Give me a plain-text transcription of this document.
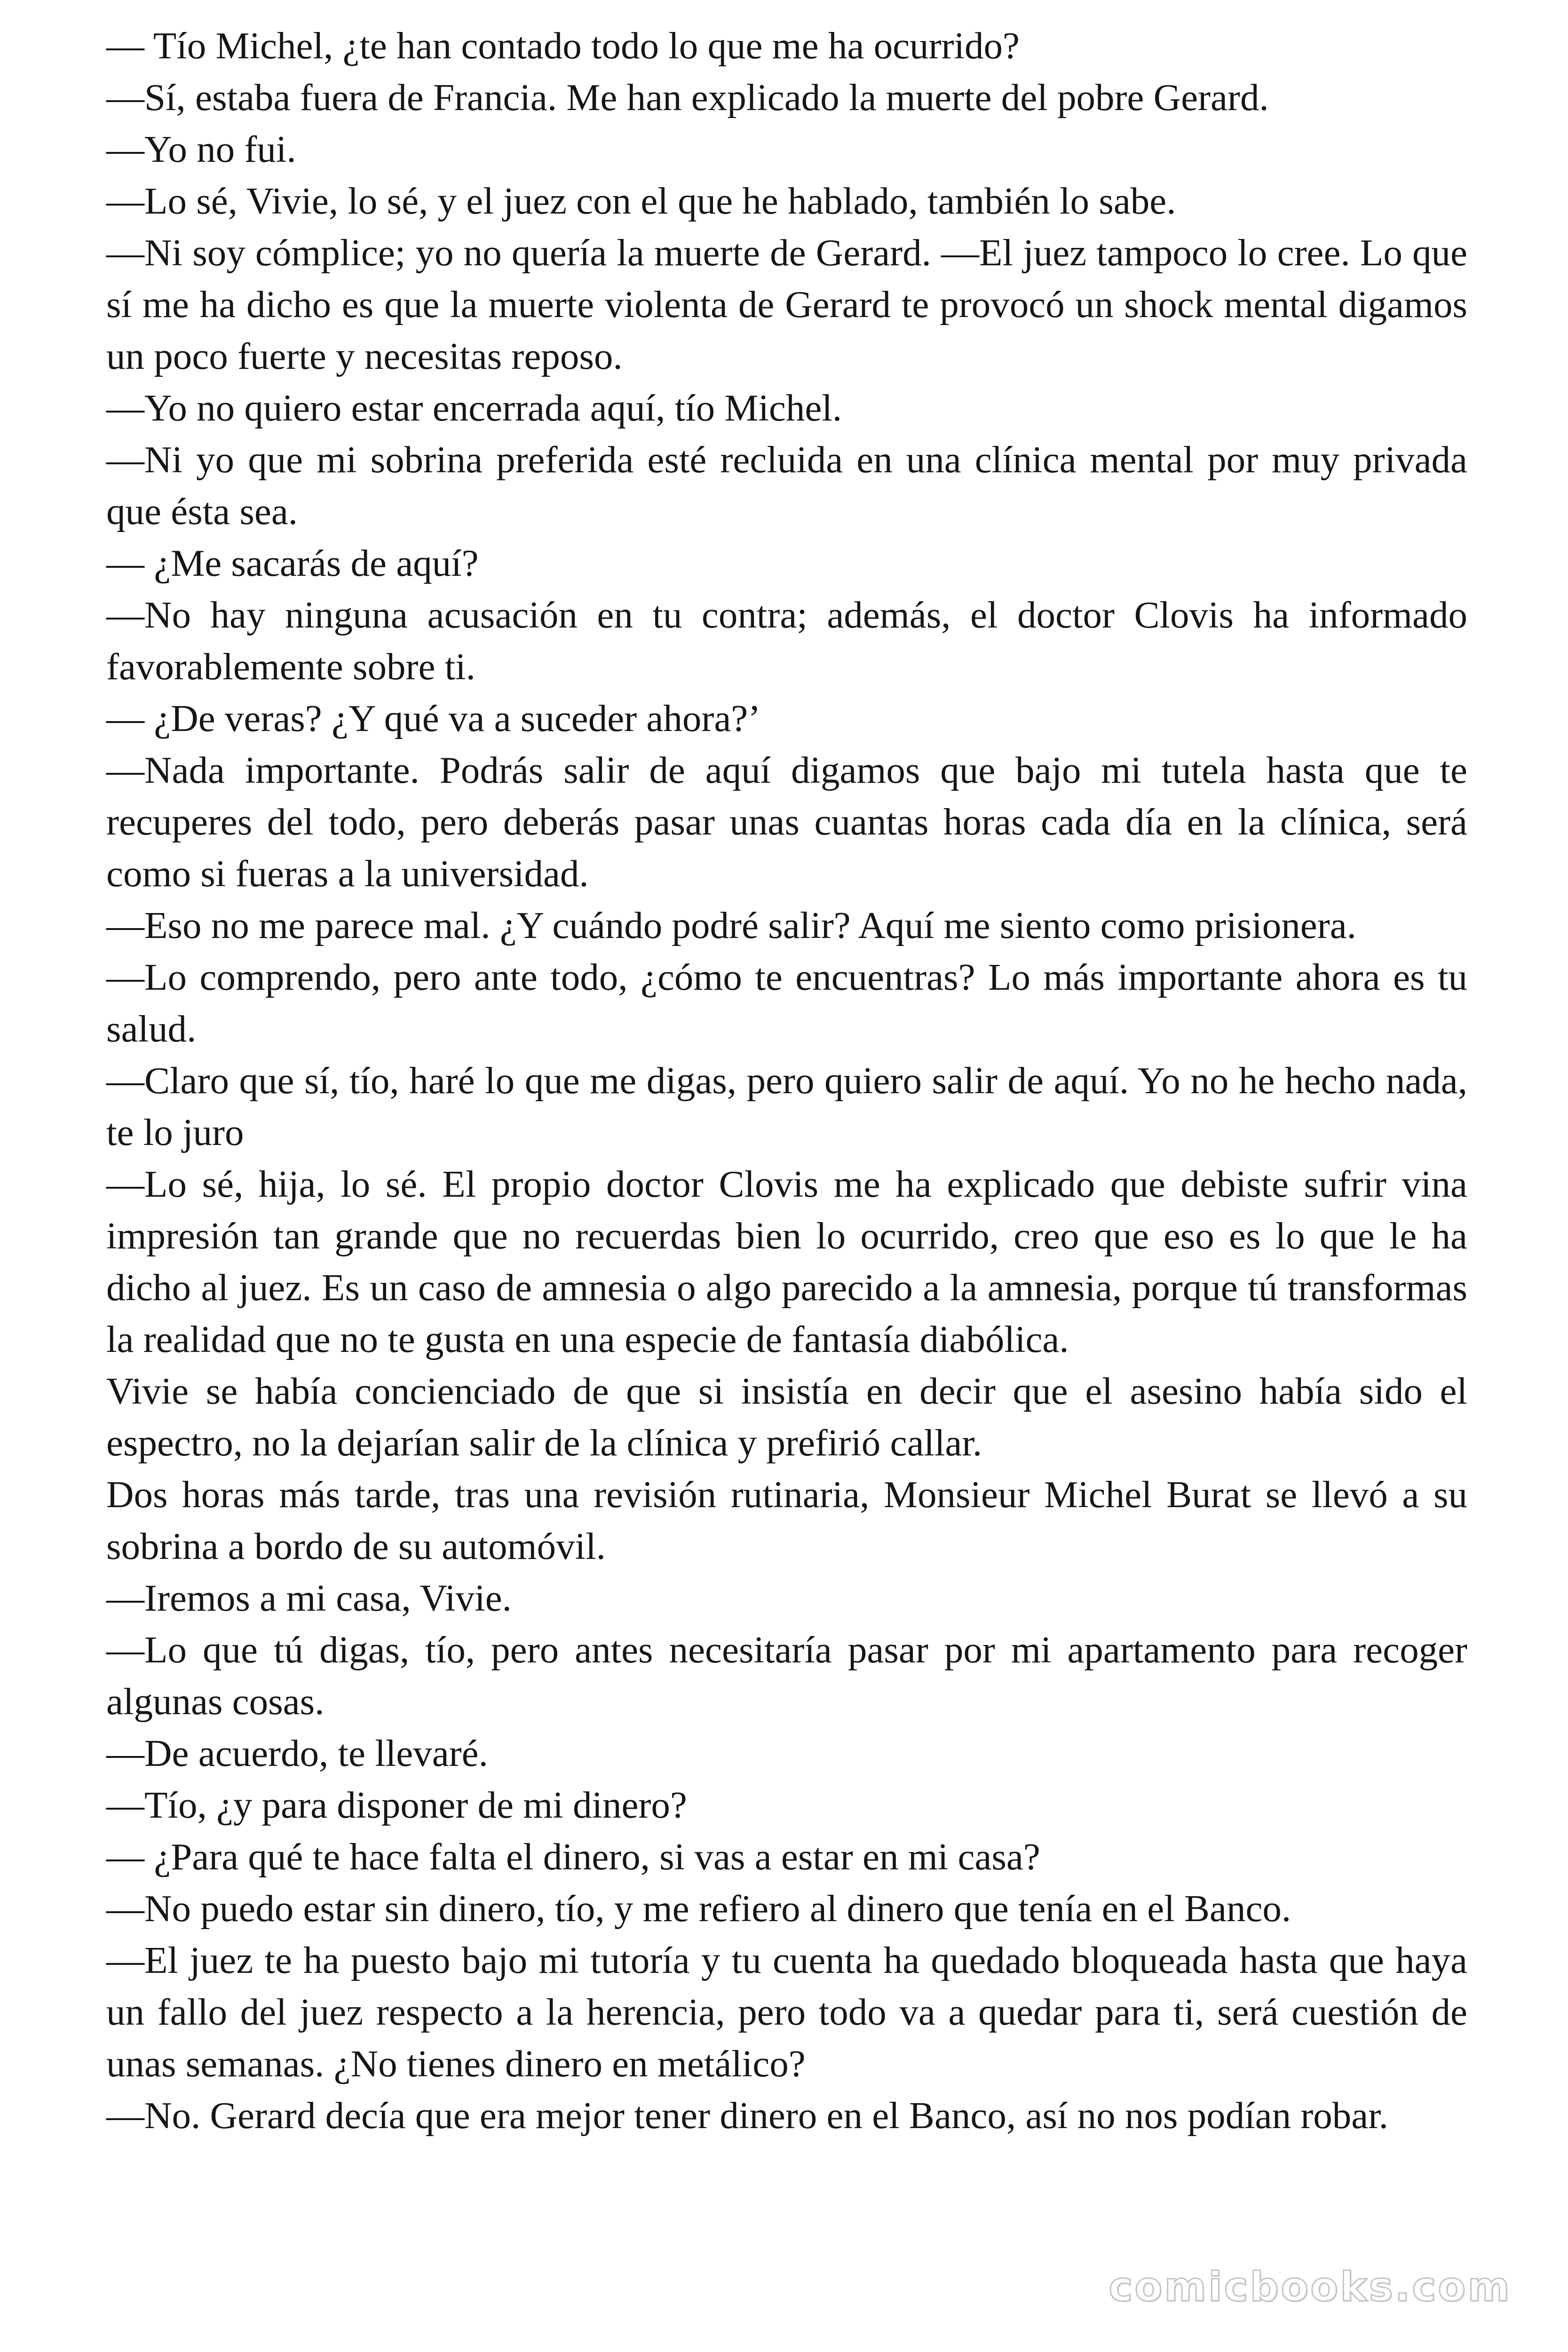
— Tío Michel, ¿te han contado todo lo que me ha ocurrido?

—Sí, estaba fuera de Francia. Me han explicado la muerte del pobre Gerard.

—Yo no fui.

—Lo sé, Vivie, lo sé, y el juez con el que he hablado, también lo sabe.

—Ni soy cómplice; yo no quería la muerte de Gerard. —El juez tampoco lo cree. Lo que sí me ha dicho es que la muerte violenta de Gerard te provocó un shock mental digamos un poco fuerte y necesitas reposo.

—Yo no quiero estar encerrada aquí, tío Michel.

—Ni yo que mi sobrina preferida esté recluida en una clínica mental por muy privada que ésta sea.

— ¿Me sacarás de aquí?

—No hay ninguna acusación en tu contra; además, el doctor Clovis ha informado favorablemente sobre ti.

— ¿De veras? ¿Y qué va a suceder ahora?’

—Nada importante. Podrás salir de aquí digamos que bajo mi tutela hasta que te recuperes del todo, pero deberás pasar unas cuantas horas cada día en la clínica, será como si fueras a la universidad.

—Eso no me parece mal. ¿Y cuándo podré salir? Aquí me siento como prisionera.

—Lo comprendo, pero ante todo, ¿cómo te encuentras? Lo más importante ahora es tu salud.

—Claro que sí, tío, haré lo que me digas, pero quiero salir de aquí. Yo no he hecho nada, te lo juro

—Lo sé, hija, lo sé. El propio doctor Clovis me ha explicado que debiste sufrir vina impresión tan grande que no recuerdas bien lo ocurrido, creo que eso es lo que le ha dicho al juez. Es un caso de amnesia o algo parecido a la amnesia, porque tú transformas la realidad que no te gusta en una especie de fantasía diabólica.

Vivie se había concienciado de que si insistía en decir que el asesino había sido el espectro, no la dejarían salir de la clínica y prefirió callar.

Dos horas más tarde, tras una revisión rutinaria, Monsieur Michel Burat se llevó a su sobrina a bordo de su automóvil.

—Iremos a mi casa, Vivie.

—Lo que tú digas, tío, pero antes necesitaría pasar por mi apartamento para recoger algunas cosas.

—De acuerdo, te llevaré.

—Tío, ¿y para disponer de mi dinero?

— ¿Para qué te hace falta el dinero, si vas a estar en mi casa?

—No puedo estar sin dinero, tío, y me refiero al dinero que tenía en el Banco.

—El juez te ha puesto bajo mi tutoría y tu cuenta ha quedado bloqueada hasta que haya un fallo del juez respecto a la herencia, pero todo va a quedar para ti, será cuestión de unas semanas. ¿No tienes dinero en metálico?

—No. Gerard decía que era mejor tener dinero en el Banco, así no nos podían robar.

comicbooks.com
